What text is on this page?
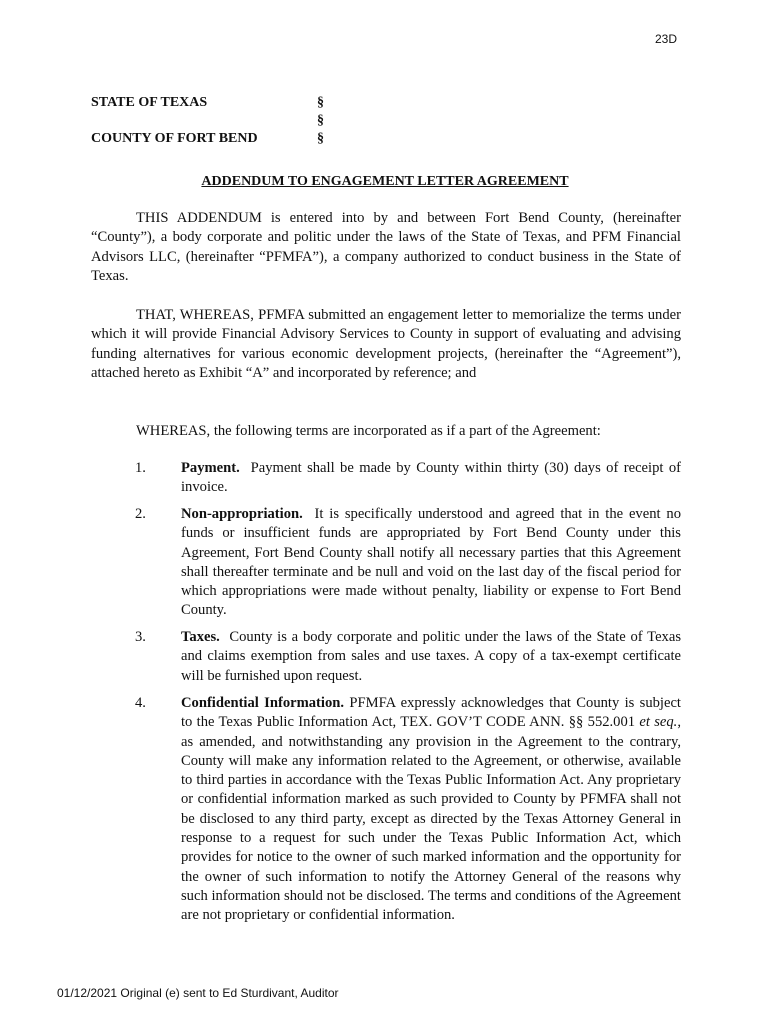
23D
STATE OF TEXAS	§
§
COUNTY OF FORT BEND	§
ADDENDUM TO ENGAGEMENT LETTER AGREEMENT
THIS ADDENDUM is entered into by and between Fort Bend County, (hereinafter “County”), a body corporate and politic under the laws of the State of Texas, and PFM Financial Advisors LLC, (hereinafter “PFMFA”), a company authorized to conduct business in the State of Texas.
THAT, WHEREAS, PFMFA submitted an engagement letter to memorialize the terms under which it will provide Financial Advisory Services to County in support of evaluating and advising funding alternatives for various economic development projects, (hereinafter the “Agreement”), attached hereto as Exhibit “A” and incorporated by reference; and
WHEREAS, the following terms are incorporated as if a part of the Agreement:
1. Payment. Payment shall be made by County within thirty (30) days of receipt of invoice.
2. Non-appropriation. It is specifically understood and agreed that in the event no funds or insufficient funds are appropriated by Fort Bend County under this Agreement, Fort Bend County shall notify all necessary parties that this Agreement shall thereafter terminate and be null and void on the last day of the fiscal period for which appropriations were made without penalty, liability or expense to Fort Bend County.
3. Taxes. County is a body corporate and politic under the laws of the State of Texas and claims exemption from sales and use taxes. A copy of a tax-exempt certificate will be furnished upon request.
4. Confidential Information. PFMFA expressly acknowledges that County is subject to the Texas Public Information Act, TEX. GOV’T CODE ANN. §§ 552.001 et seq., as amended, and notwithstanding any provision in the Agreement to the contrary, County will make any information related to the Agreement, or otherwise, available to third parties in accordance with the Texas Public Information Act. Any proprietary or confidential information marked as such provided to County by PFMFA shall not be disclosed to any third party, except as directed by the Texas Attorney General in response to a request for such under the Texas Public Information Act, which provides for notice to the owner of such marked information and the opportunity for the owner of such information to notify the Attorney General of the reasons why such information should not be disclosed. The terms and conditions of the Agreement are not proprietary or confidential information.
01/12/2021 Original (e) sent to Ed Sturdivant, Auditor
